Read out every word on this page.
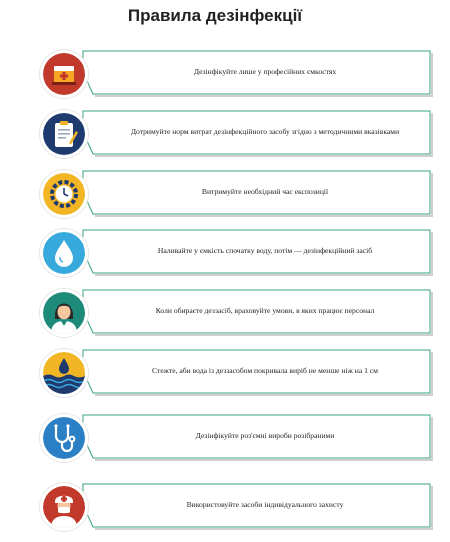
Правила дезінфекції
Дезінфікуйте лише у професійних ємкостях
Дотримуйте норм витрат дезінфекційного засобу згідно з методичними вказівками
Витримуйте необхідний час експозиції
Наливайте у ємкість спочатку воду, потім — дезінфекційний засіб
Коли обираєте деззасіб, враховуйте умови, в яких працює персонал
Стежте, аби вода із деззасобом покривала виріб не менше ніж на 1 см
Дезінфікуйте роз'ємні вироби розібраними
Використовуйте засоби індивідуального захисту
